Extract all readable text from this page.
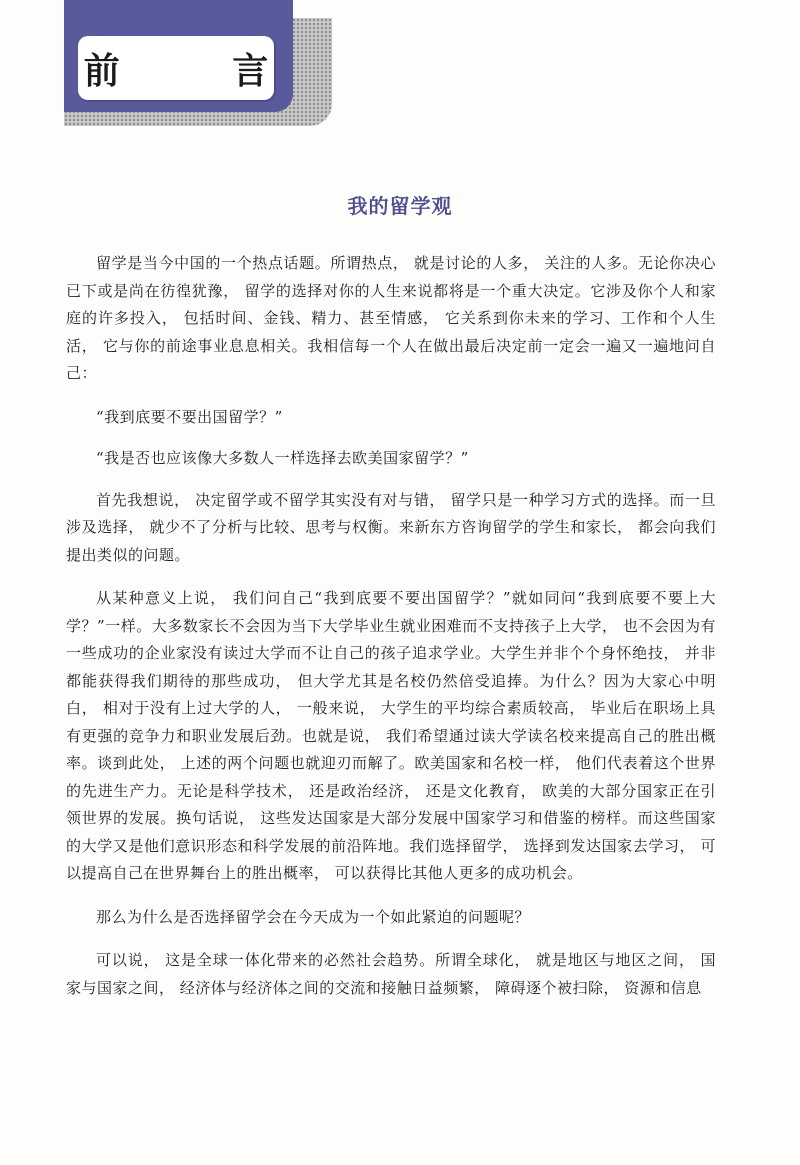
前 言
我的留学观

留学是当今中国的一个热点话题。所谓热点， 就是讨论的人多， 关注的人多。无论你决心已下或是尚在彷徨犹豫， 留学的选择对你的人生来说都将是一个重大决定。它涉及你个人和家庭的许多投入， 包括时间、金钱、精力、甚至情感， 它关系到你未来的学习、工作和个人生活， 它与你的前途事业息息相关。我相信每一个人在做出最后决定前一定会一遍又一遍地问自己：

“我到底要不要出国留学？”

“我是否也应该像大多数人一样选择去欧美国家留学？”

首先我想说， 决定留学或不留学其实没有对与错， 留学只是一种学习方式的选择。而一旦涉及选择， 就少不了分析与比较、思考与权衡。来新东方咨询留学的学生和家长， 都会向我们提出类似的问题。

从某种意义上说， 我们问自己“我到底要不要出国留学？”就如同问“我到底要不要上大学？”一样。大多数家长不会因为当下大学毕业生就业困难而不支持孩子上大学， 也不会因为有一些成功的企业家没有读过大学而不让自己的孩子追求学业。大学生并非个个身怀绝技， 并非都能获得我们期待的那些成功， 但大学尤其是名校仍然倍受追捧。为什么？因为大家心中明白， 相对于没有上过大学的人， 一般来说， 大学生的平均综合素质较高， 毕业后在职场上具有更强的竞争力和职业发展后劲。也就是说， 我们希望通过读大学读名校来提高自己的胜出概率。谈到此处， 上述的两个问题也就迎刃而解了。欧美国家和名校一样， 他们代表着这个世界的先进生产力。无论是科学技术， 还是政治经济， 还是文化教育， 欧美的大部分国家正在引领世界的发展。换句话说， 这些发达国家是大部分发展中国家学习和借鉴的榜样。而这些国家的大学又是他们意识形态和科学发展的前沿阵地。我们选择留学， 选择到发达国家去学习， 可以提高自己在世界舞台上的胜出概率， 可以获得比其他人更多的成功机会。

那么为什么是否选择留学会在今天成为一个如此紧迫的问题呢？

可以说， 这是全球一体化带来的必然社会趋势。所谓全球化， 就是地区与地区之间， 国家与国家之间， 经济体与经济体之间的交流和接触日益频繁， 障碍逐个被扫除， 资源和信息
